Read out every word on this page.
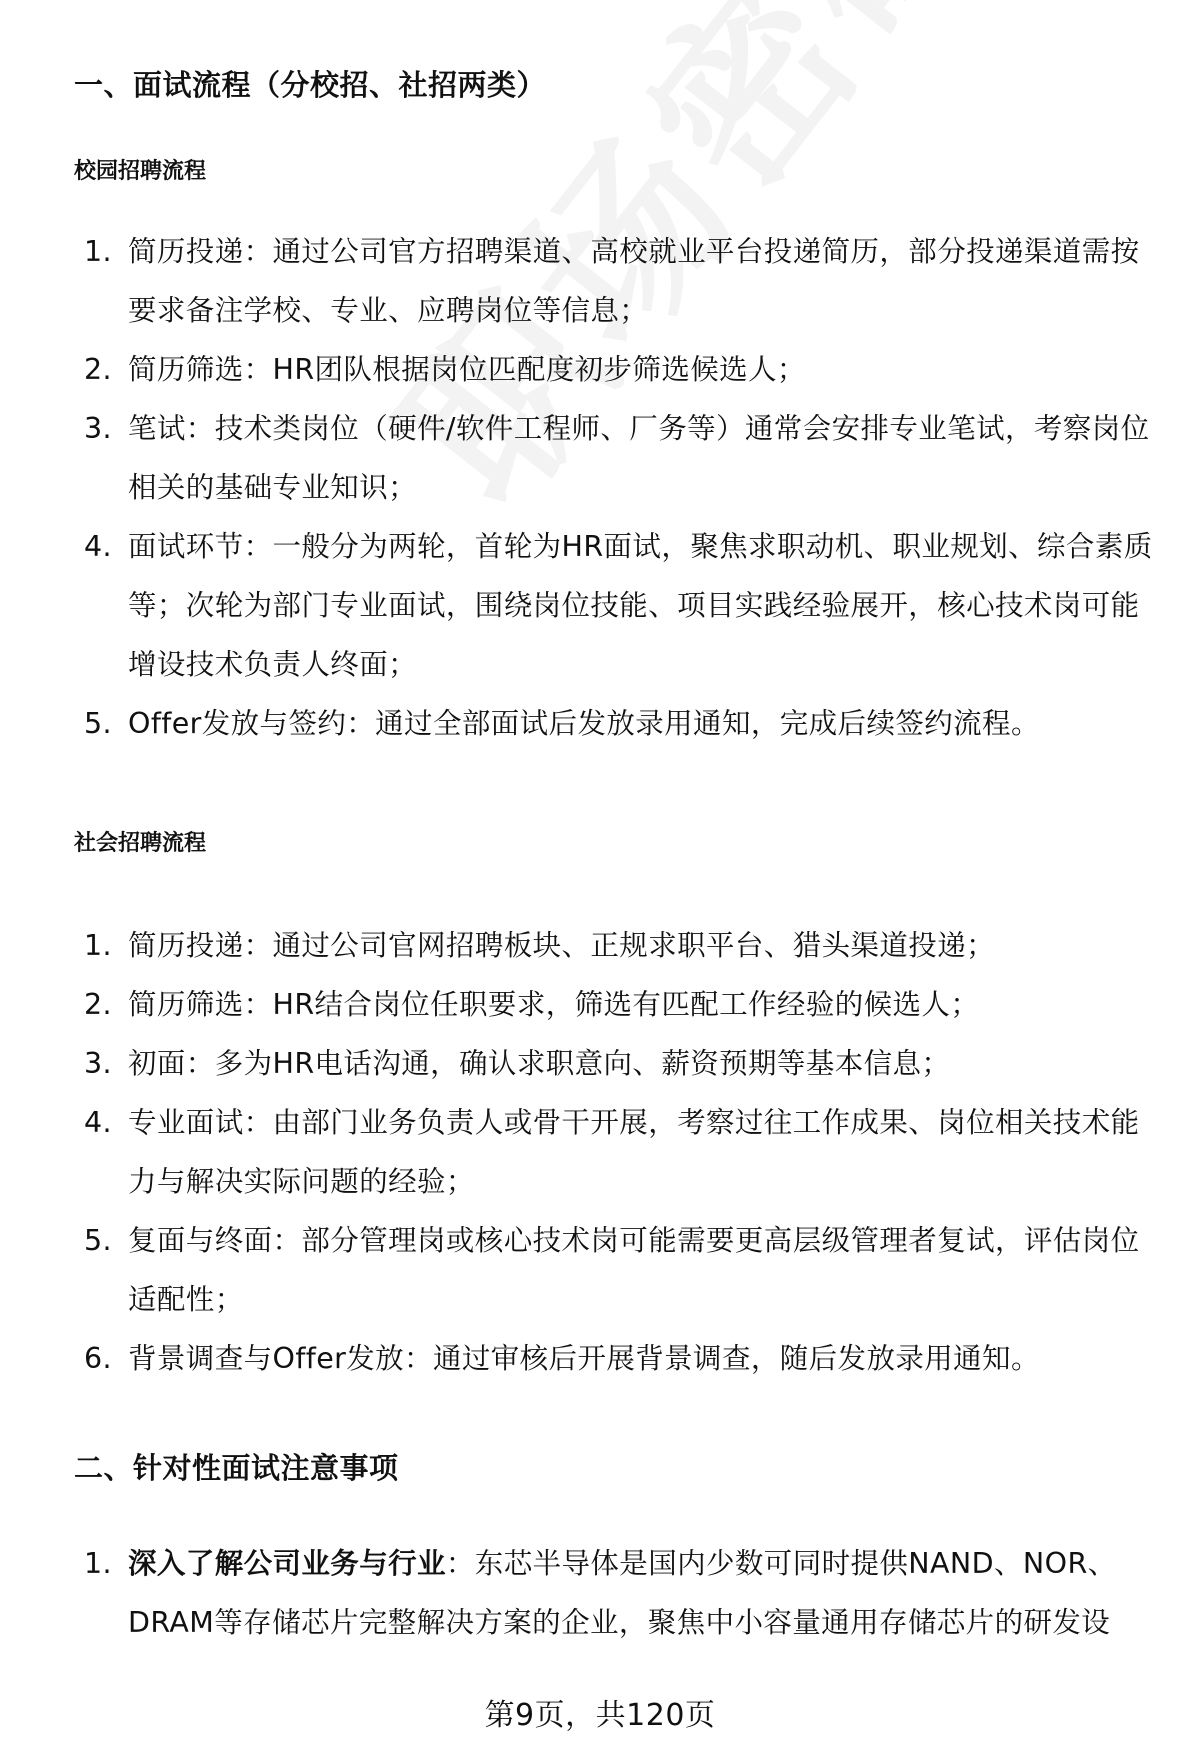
一、面试流程（分校招、社招两类）
校园招聘流程
1. 简历投递：通过公司官方招聘渠道、高校就业平台投递简历，部分投递渠道需按要求备注学校、专业、应聘岗位等信息；
2. 简历筛选：HR团队根据岗位匹配度初步筛选候选人；
3. 笔试：技术类岗位（硬件/软件工程师、厂务等）通常会安排专业笔试，考察岗位相关的基础专业知识；
4. 面试环节：一般分为两轮，首轮为HR面试，聚焦求职动机、职业规划、综合素质等；次轮为部门专业面试，围绕岗位技能、项目实践经验展开，核心技术岗可能增设技术负责人终面；
5. Offer发放与签约：通过全部面试后发放录用通知，完成后续签约流程。
社会招聘流程
1. 简历投递：通过公司官网招聘板块、正规求职平台、猎头渠道投递；
2. 简历筛选：HR结合岗位任职要求，筛选有匹配工作经验的候选人；
3. 初面：多为HR电话沟通，确认求职意向、薪资预期等基本信息；
4. 专业面试：由部门业务负责人或骨干开展，考察过往工作成果、岗位相关技术能力与解决实际问题的经验；
5. 复面与终面：部分管理岗或核心技术岗可能需要更高层级管理者复试，评估岗位适配性；
6. 背景调查与Offer发放：通过审核后开展背景调查，随后发放录用通知。
二、针对性面试注意事项
1. 深入了解公司业务与行业：东芯半导体是国内少数可同时提供NAND、NOR、DRAM等存储芯片完整解决方案的企业，聚焦中小容量通用存储芯片的研发设
第9页，共120页
